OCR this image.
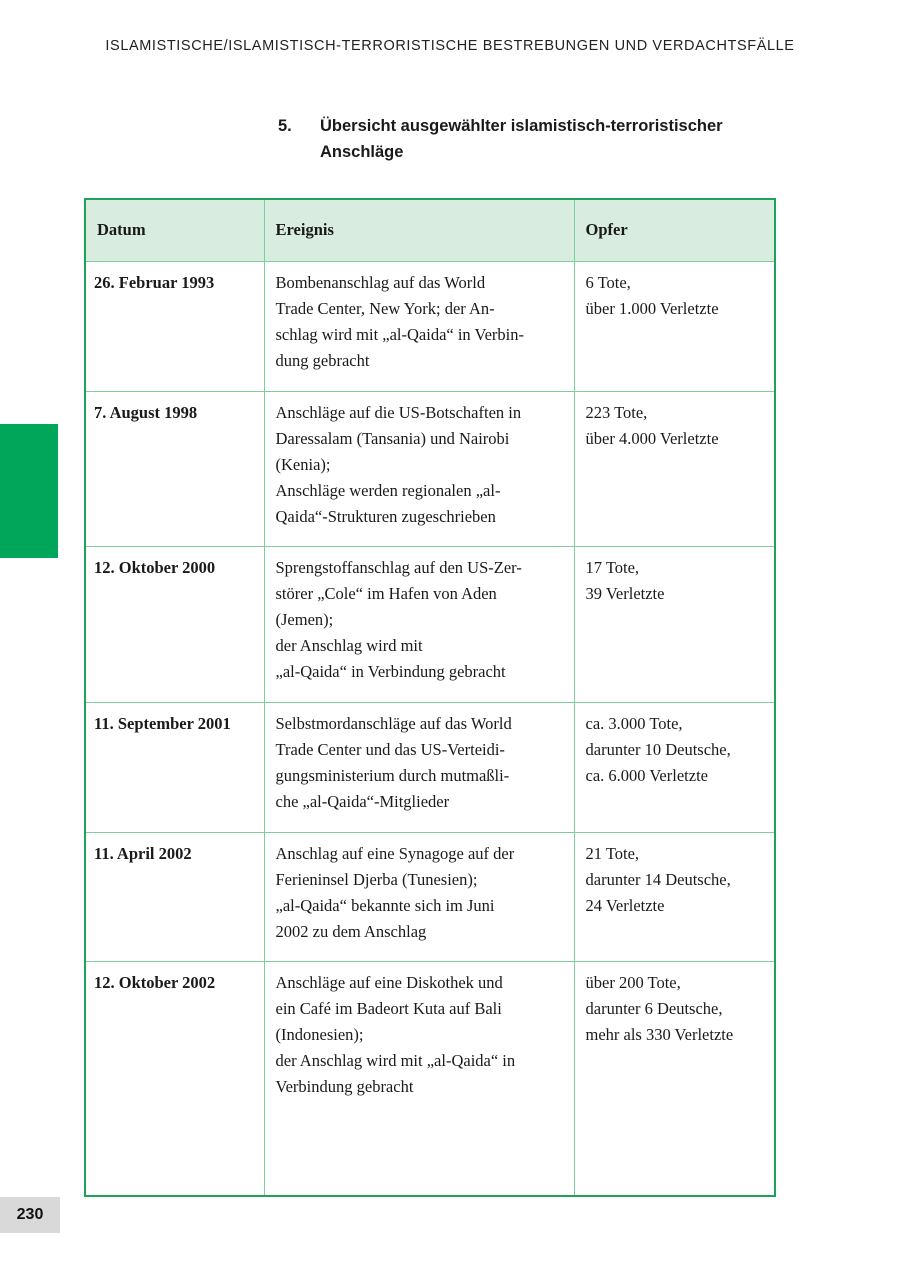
ISLAMISTISCHE/ISLAMISTISCH-TERRORISTISCHE BESTREBUNGEN UND VERDACHTSFÄLLE
5. Übersicht ausgewählter islamistisch-terroristischer
Anschläge
Datum	Ereignis	Opfer
26. Februar 1993	Bombenanschlag auf das World
Trade Center, New York; der An-
schlag wird mit „al-Qaida“ in Verbin-
dung gebracht	6 Tote,
über 1.000 Verletzte

7. August 1998	Anschläge auf die US-Botschaften in
Daressalam (Tansania) und Nairobi
(Kenia);
Anschläge werden regionalen „al-
Qaida“-Strukturen zugeschrieben	223 Tote,
über 4.000 Verletzte

12. Oktober 2000	Sprengstoffanschlag auf den US-Zer-
störer „Cole“ im Hafen von Aden
(Jemen);
der Anschlag wird mit
„al-Qaida“ in Verbindung gebracht	17 Tote,
39 Verletzte

11. September 2001	Selbstmordanschläge auf das World
Trade Center und das US-Verteidi-
gungsministerium durch mutmaßli-
che „al-Qaida“-Mitglieder	ca. 3.000 Tote,
darunter 10 Deutsche,
ca. 6.000 Verletzte

11. April 2002	Anschlag auf eine Synagoge auf der
Ferieninsel Djerba (Tunesien);
„al-Qaida“ bekannte sich im Juni
2002 zu dem Anschlag	21 Tote,
darunter 14 Deutsche,
24 Verletzte

12. Oktober 2002	Anschläge auf eine Diskothek und
ein Café im Badeort Kuta auf Bali
(Indonesien);
der Anschlag wird mit „al-Qaida“ in
Verbindung gebracht	über 200 Tote,
darunter 6 Deutsche,
mehr als 330 Verletzte
230
